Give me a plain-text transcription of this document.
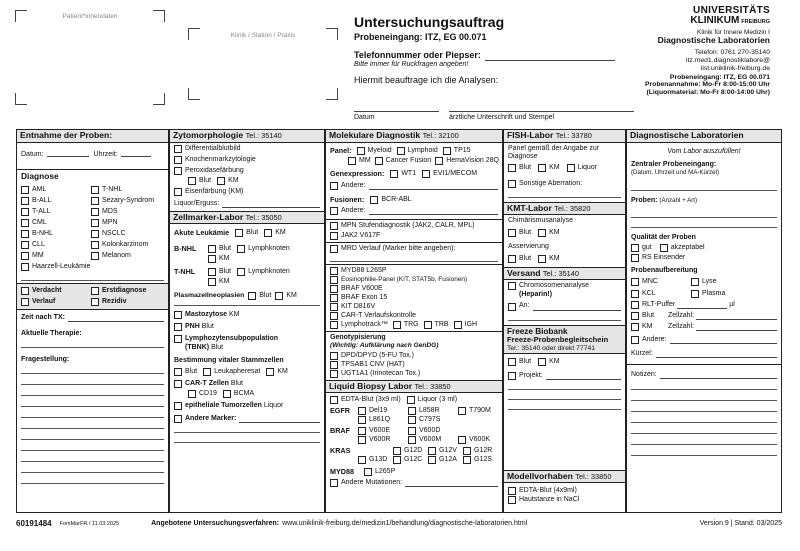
Patient*innendaten
Klinik / Station / Praxis
Untersuchungsauftrag
Probeneingang: ITZ, EG 00.071
Telefonnummer oder Piepser:
Bitte immer für Ruckfragen angeben!
Hiermit beauftrage ich die Analysen:
Datum	ärztliche Unterschrift und Stempel
UNIVERSITÄTS
KLINIKUM FREIBURG
Klinik für Innere Medizin I
Diagnostische Laboratorien
Telefon: 0761 270-35140
itz.med1.diagnostiklabore@
list.uniklinik-freiburg.de
Probeneingang: ITZ, EG 00.071
Probenannahme: Mo-Fr 8:00-15:00 Uhr
(Liquormaterial: Mo-Fr 8:00-14:00 Uhr)
Entnahme der Proben:
Datum:	Uhrzeit:
Diagnose
AML
B-ALL
T-ALL
CML
B-NHL
CLL
MM
T-NHL
Sezary-Syndrom
MDS
MPN
NSCLC
Kolonkarzinom
Melanom
Haarzell-Leukämie
Verdacht
Verlauf
Erstdiagnose
Rezidiv
Zeit nach TX:
Aktuelle Therapie:
Fragestellung:
Zytomorphologie Tel.: 35140
Differentialblutbild
Knochenmarkzytologie
Peroxidasefärbung
Blut KM
Eisenfärbung (KM)
Liquor/Erguss:
Zellmarker-Labor Tel.: 35050
Akute Leukämie Blut KM
B-NHL	Blut Lymphknoten
KM
T-NHL	Blut Lymphknoten
KM
Plasmazellneoplasien Blut KM
Mastozytose
KM
PNH
Blut
Lymphozytensubpopulation
(TBNK) Blut
Bestimmung vitaler Stammzellen
Blut Leukapheresat KM
CAR-T Zellen
Blut
CD19 BCMA
epitheliale Tumorzellen
Liquor
Andere Marker:
Molekulare Diagnostik Tel.: 32100
Panel: Myeloid Lymphoid TP15
MM Cancer Fusion HemaVision 28Q
Genexpression: WT1 EVI1/MECOM
Andere:
Fusionen: BCR-ABL
Andere:
MPN Stufendiagnostik (JAK2, CALR, MPL)
JAK2 V617F
MRD Verlauf (Marker bitte angeben):
MYD88 L265P
Eosinophilie-Panel (KIT, STAT5b, Fusionen)
BRAF V600E
BRAF Exon 15
KIT D816V
CAR-T Verlaufskontrolle
Lymphotrack™ TRG TRB IGH
Genotypisierung
(Wichtig: Aufklärung nach GenDG)
DPD/DPYD (5-FU Tox.)
TPSAB1 CNV (HAT)
UGT1A1 (Irinotecan Tox.)
Liquid Biopsy Labor Tel.: 33850
EDTA-Blut (3x9 ml) Liquor (3 ml)
EGFR	Del19	L858R	T790M
L861Q	C797S
BRAF	V600E	V600D
V600R	V600M	V600K
KRAS	G12D G12V G12R
G13D G12C G12A G12S
MYD88	L265P
Andere Mutationen:
FISH-Labor Tel.: 33780
Panel gemäß der Angabe zur Diagnose
Blut	KM	Liquor
Sonstige Aberration:
KMT-Labor Tel.: 35820
Chimärismusanalyse
Blut	KM
Asservierung
Blut	KM
Versand Tel.: 35140
Chromosomenanalyse
(Heparin!)
An:
Freeze Biobank
Freeze-Probenbegleitschein
Tel.: 35140 oder direkt 77741
Blut	KM
Projekt:
Modellvorhaben Tel.: 33850
EDTA-Blut (4x9ml)
Hautstanze in NaCl
Diagnostische Laboratorien
Vom Labor auszufüllen!
Zentraler Probeneingang:
(Datum, Uhrzeit und MA-Kürzel)
Proben: (Anzahl + Art)
Qualität der Proben
gut	akzeptabel
RS Einsender
Probenaufbereitung
MNC	Lyse
KCL	Plasma
RLT-Puffer	µl
Blut	Zellzahl:
KM	Zellzahl:
Andere:
Kürzel:
Notizen:
60191484 FomMarFR / 11.03.2025	Angebotene Untersuchungsverfahren: www.uniklinik-freiburg.de/medizin1/behandlung/diagnostische-laboratorien.html	Version 9 | Stand: 03/2025
